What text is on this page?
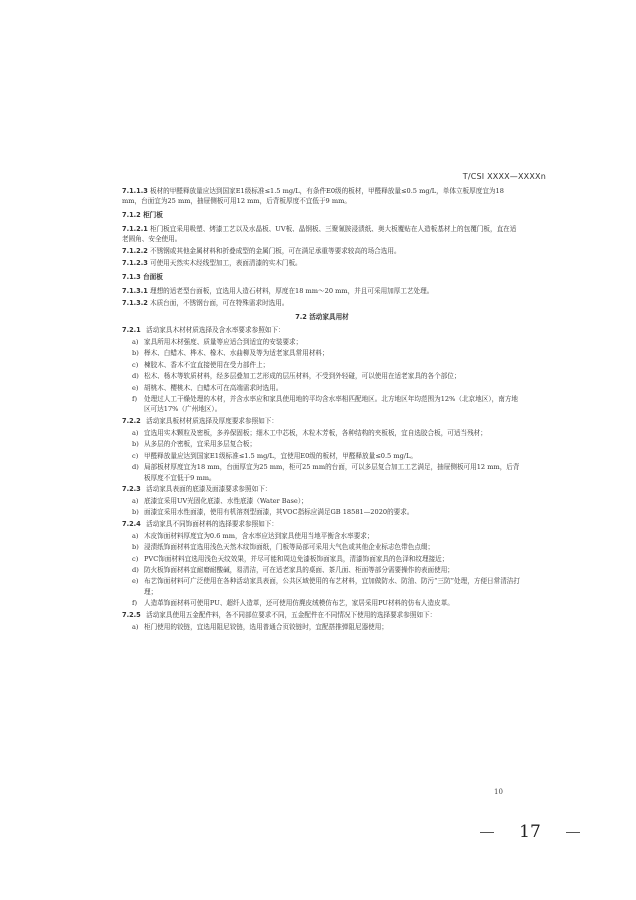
T/CSI XXXX—XXXXn
7.1.1.3 板材的甲醛释放量应达到国家E1级标准≤1.5 mg/L，有条件E0级的板材，甲醛释放量≤0.5 mg/L，单体立板厚度宜为18 mm，台面宜为25 mm，抽屉侧板可用12 mm，后背板厚度不宜低于9 mm。
7.1.2 柜门板
7.1.2.1 柜门板宜采用吸塑、烤漆工艺以及水晶板、UV板、晶钢板、三聚氰胺浸渍纸、奥大板覆贴在人造板基材上的包覆门板，直在适老圆角、安全使用。
7.1.2.2 不锈钢或其他金属材料和折叠成型的金属门板，可在满足承重等要求较高的场合选用。
7.1.2.3 可使用天然实木经线型加工，表面清漆的实木门板。
7.1.3 台面板
7.1.3.1 理想的适老型台面板，宜选用人造石材料，厚度在18 mm～20 mm，并且可采用加厚工艺处理。
7.1.3.2 木质台面，不锈钢台面，可在特殊需求时选用。
7.2 活动家具用材
7.2.1 活动家具木材材质选择及含水率要求参照如下：
a) 家具所用木材强度、质量等应适合到适宜的安装要求；
b) 榉木、白蜡木、桦木、橡木、水曲柳及等为适老家具常用材料；
c) 楝胶木、香木不宜直接使用在受力部件上；
d) 松木、杨木等软质材料，经多层叠加工艺形成的层压材料，不受到外轻碰，可以使用在适老家具的各个部位；
e) 胡桃木、樱桃木、白蜡木可在高端需求时选用。
f) 处理过人工干燥处理的木材，并含水率应和家具使用地的平均含水率相匹配地区。北方地区年均范围为12%（北京地区），南方地区可达17%（广州地区）。
7.2.2 活动家具板材材质选择及厚度要求参照如下：
a) 宜选用实木颗粒及密板，多养保固板；细木工中芯板，木粒木芳板，各种结构的夹板板，宜自选胶合板，可适当残材；
b) 从多层的介密板，宜采用多层复合板；
c) 甲醛释放量应达到国家E1级标准≤1.5 mg/L，宜使用E0级的板材，甲醛释放量≤0.5 mg/L。
d) 局部板材厚度宜为18 mm，台面厚宜为25 mm，柜可25 mm的台面，可以多层复合加工工艺满足，抽屉侧板可用12 mm，后背板厚度不宜低于9 mm。
7.2.3 活动家具表面的底漆及面漆要求参照如下：
a) 底漆宜采用UV光固化底漆、水性底漆（Water Base）；
b) 面漆宜采用水性面漆，使用有机溶剂型面漆，其VOC指标应满足GB 18581—2020的要求。
7.2.4 活动家具不同饰面材料的选择要求参照如下：
a) 木皮饰面材料厚度宜为0.6 mm，含水率应达到家具使用当地平衡含水率要求；
b) 浸渍纸饰面材料宜选用浅色天然木纹饰面纸，门板等局部可采用大气色或其他企业标志色带色点缀；
c) PVC饰面材料宜选用浅色天纹效果，并尽可能和周边免漆板饰面家具，清漆饰面家具的色泽和纹理接近；
d) 防火板饰面材料宜耐磨耐酸碱，易清洁，可在适老家具的桌面、茶几面、柜面等部分需要操作的表面使用；
e) 布艺饰面材料可广泛使用在各种活动家具表面，公共区域使用的布艺材料，宜加做防水、防油、防污“三防”处理，方便日常清洁打理；
f) 人造革饰面材料可使用PU、超纤人造革，还可使用仿麂皮绒模仿布艺，家居采用PU材料的仿布人造皮革。
7.2.5 活动家具使用五金配件料，各不同部位要求不同，五金配件在不同情况下使用的选择要求参照如下：
a) 柜门使用的铰链，宜选用阻尼铰链，选用普通合页铰链时，宜配搭推弹阻尼器使用；
10
17
